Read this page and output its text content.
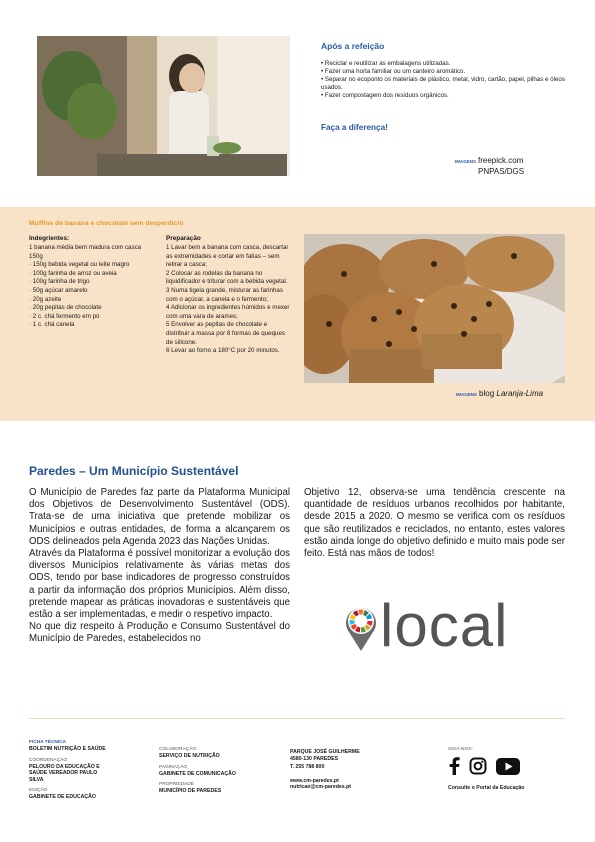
Após a refeição
• Reciclar e reutilizar as embalagens utilizadas.
• Fazer uma horta familiar ou um canteiro aromático.
• Separar no ecoponto os materiais de plástico, metal, vidro, cartão, papel, pilhas e óleos usados.
• Fazer compostagem dos resíduos orgânicos.
Faça a diferença!
IMAGENS freepick.com
PNPAS/DGS
Muffins de banana e chocolate sem desperdício
Indegrientes:
1 banana média bem madura com casca 150g
· 150g bebida vegetal ou leite magro
· 100g farinha de arroz ou aveia
· 100g farinha de trigo
· 50g açúcar amarelo
· 20g azeite
· 20g pepitas de chocolate
· 2 c. chá fermento em pó
· 1 c. chá canela
Preparação
1 Lavar bem a banana com casca, descartar as extremidades e cortar em fatias – sem retirar a casca;
2 Colocar as rodelas da banana no liquidificador e triturar com a bebida vegetal.
3 Numa tigela grande, misturar as farinhas com o açúcar, a canela e o fermento;
4 Adicionar os ingredientes húmidos e mexer com uma vara de arames;
5 Envolver as pepitas de chocolate e distribuir a massa por 8 formas de queques de silicone.
6 Levar ao forno a 180°C por 20 minutos.
IMAGENS blog Laranja-Lima
Paredes – Um Município Sustentável

O Município de Paredes faz parte da Plataforma Municipal dos Objetivos de Desenvolvimento Sustentável (ODS). Trata-se de uma iniciativa que pretende mobilizar os Municípios e outras entidades, de forma a alcançarem os ODS delineados pela Agenda 2023 das Nações Unidas.

Através da Plataforma é possível monitorizar a evolução dos diversos Municípios relativamente às várias metas dos ODS, tendo por base indicadores de progresso construídos a partir da informação dos próprios Municípios. Além disso, pretende mapear as práticas inovadoras e sustentáveis que estão a ser implementadas, e medir o respetivo impacto.

No que diz respeito à Produção e Consumo Sustentável do Município de Paredes, estabelecidos no

Objetivo 12, observa-se uma tendência crescente na quantidade de resíduos urbanos recolhidos por habitante, desde 2015 a 2020. O mesmo se verifica com os resíduos que são reutilizados e reciclados, no entanto, estes valores estão ainda longe do objetivo definido e muito mais pode ser feito. Está nas mãos de todos!

local
FICHA TÉCNICA
BOLETIM NUTRIÇÃO E SAÚDE
COORDENAÇÃO
PELOURO DA EDUCAÇÃO E SAÚDE VEREADOR PAULO SILVA
EDIÇÃO
GABINETE DE EDUCAÇÃO
COLABORAÇÃO
SERVIÇO DE NUTRIÇÃO
PAGINAÇÃO
GABINETE DE COMUNICAÇÃO
PROPRIEDADE
MUNICÍPIO DE PAREDES
PARQUE JOSÉ GUILHERME
4580-130 PAREDES
T. 255 788 800
www.cm-paredes.pt
nutricao@cm-paredes.pt
SIGA-NOS:
Consulte o Portal da Educação
